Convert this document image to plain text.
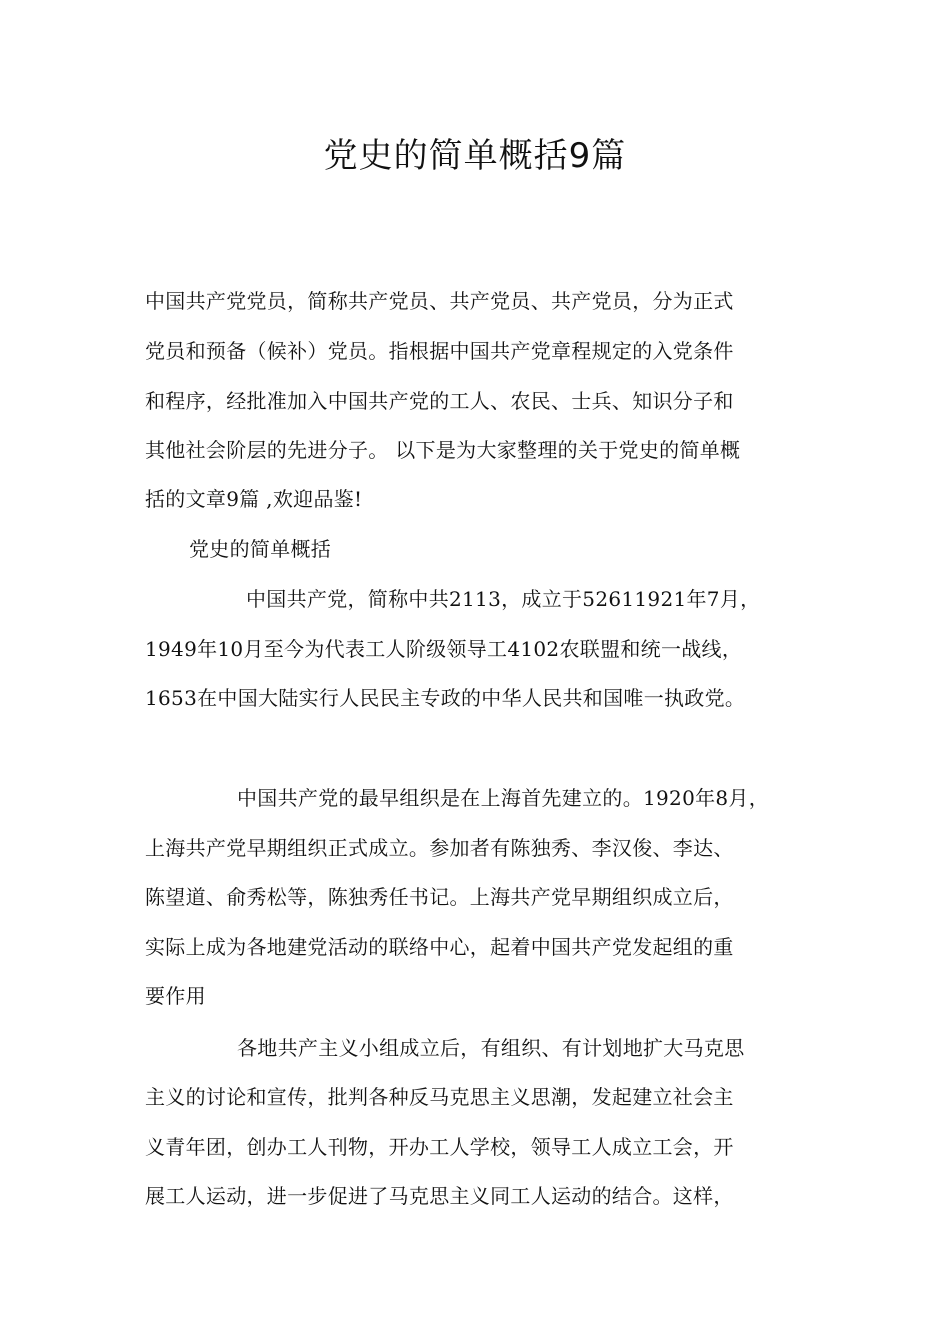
党史的简单概括9篇
中国共产党党员，简称共产党员、共产党员、共产党员，分为正式
党员和预备（候补）党员。指根据中国共产党章程规定的入党条件
和程序，经批准加入中国共产党的工人、农民、士兵、知识分子和
其他社会阶层的先进分子。 以下是为大家整理的关于党史的简单概
括的文章9篇 ,欢迎品鉴!
党史的简单概括
中国共产党，简称中共2113，成立于52611921年7月，
1949年10月至今为代表工人阶级领导工4102农联盟和统一战线，
1653在中国大陆实行人民民主专政的中华人民共和国唯一执政党。
中国共产党的最早组织是在上海首先建立的。1920年8月，
上海共产党早期组织正式成立。参加者有陈独秀、李汉俊、李达、
陈望道、俞秀松等，陈独秀任书记。上海共产党早期组织成立后，
实际上成为各地建党活动的联络中心，起着中国共产党发起组的重
要作用
各地共产主义小组成立后，有组织、有计划地扩大马克思
主义的讨论和宣传，批判各种反马克思主义思潮，发起建立社会主
义青年团，创办工人刊物，开办工人学校，领导工人成立工会，开
展工人运动，进一步促进了马克思主义同工人运动的结合。这样，
